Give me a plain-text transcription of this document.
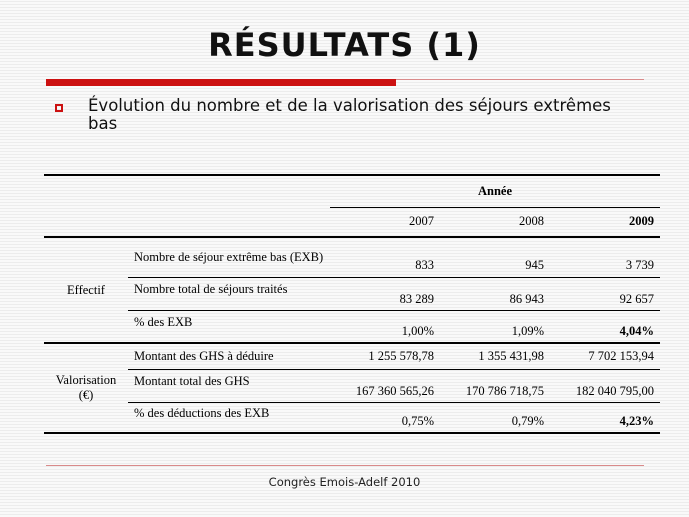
RÉSULTATS (1)
Évolution du nombre et de la valorisation des séjours extrêmes bas
		Année		
		2007	2008	2009
Effectif	Nombre de séjour extrême bas (EXB)	833	945	3 739
	Nombre total de séjours traités	83 289	86 943	92 657
	% des EXB	1,00%	1,09%	4,04%
Valorisation (€)	Montant des GHS à déduire	1 255 578,78	1 355 431,98	7 702 153,94
	Montant total des GHS	167 360 565,26	170 786 718,75	182 040 795,00
	% des déductions des EXB	0,75%	0,79%	4,23%
Congrès Emois-Adelf 2010
